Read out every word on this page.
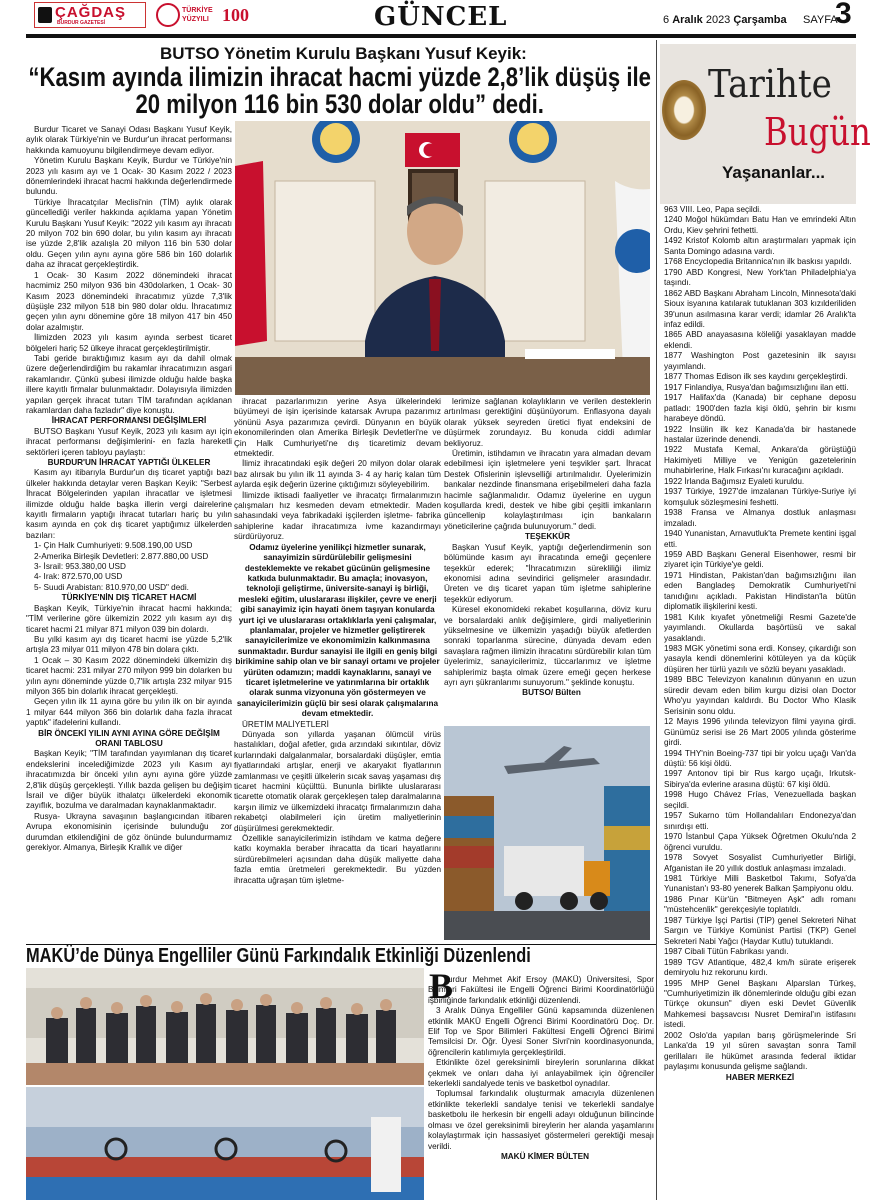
ÇAĞDAŞ
BURDUR GAZETESİ
TÜRKİYE YÜZYILI 100	GÜNCEL	6 Aralık 2023 Çarşamba SAYFA
3
BUTSO Yönetim Kurulu Başkanı Yusuf Keyik:
“Kasım ayında ilimizin ihracat hacmi yüzde 2,8’lik düşüş ile
20 milyon 116 bin 530 dolar oldu” dedi.

Burdur Ticaret ve Sanayi Odası Başkanı Yusuf Keyik, aylık olarak Türkiye'nin ve Burdur'un ihracat performansı hakkında kamuoyunu bilgilendirmeye devam ediyor.

Yönetim Kurulu Başkanı Keyik, Burdur ve Türkiye'nin 2023 yılı kasım ayı ve 1 Ocak- 30 Kasım 2022 / 2023 dönemlerindeki ihracat hacmi hakkında değerlendirmede bulundu.

Türkiye İhracatçılar Meclisi'nin (TİM) aylık olarak güncellediği veriler hakkında açıklama yapan Yönetim Kurulu Başkanı Yusuf Keyik: "2022 yılı kasım ayı ihracatı 20 milyon 702 bin 690 dolar, bu yılın kasım ayı ihracatı ise yüzde 2,8'lik azalışla 20 milyon 116 bin 530 dolar oldu. Geçen yılın aynı ayına göre 586 bin 160 dolarlık daha az ihracat gerçekleştirdik.

1 Ocak- 30 Kasım 2022 dönemindeki ihracat hacmimiz 250 milyon 936 bin 430dolarken, 1 Ocak- 30 Kasım 2023 dönemindeki ihracatımız yüzde 7,3'lik düşüşle 232 milyon 518 bin 980 dolar oldu. İhracatımız geçen yılın aynı dönemine göre 18 milyon 417 bin 450 dolar azalmıştır.

İlimizden 2023 yılı kasım ayında serbest ticaret bölgeleri hariç 52 ülkeye ihracat gerçekleştirilmiştir.

Tabi geride bıraktığımız kasım ayı da dahil olmak üzere değerlendirdiğim bu rakamlar ihracatımızın asgari rakamlarıdır. Çünkü şubesi ilimizde olduğu halde başka illere kayıtlı firmalar bulunmaktadır. Dolayısıyla ilimizden yapılan gerçek ihracat tutarı TİM tarafından açıklanan rakamlardan daha fazladır" diye konuştu.

İHRACAT PERFORMANSI DEĞİŞİMLERİ

BUTSO Başkanı Yusuf Keyik, 2023 yılı kasım ayı için ihracat performansı değişimlerini- en fazla hareketli sektörleri içeren tabloyu paylaştı:

BURDUR'UN İHRACAT YAPTIĞI ÜLKELER

Kasım ayı itibarıyla Burdur'un dış ticaret yaptığı bazı ülkeler hakkında detaylar veren Başkan Keyik: "Serbest İhracat Bölgelerinden yapılan ihracatlar ve işletmesi ilimizde olduğu halde başka illerin vergi dairelerine kayıtlı firmaların yaptığı ihracat tutarları hariç bu yılın kasım ayında en çok dış ticaret yaptığımız ülkelerden bazıları:

1- Çin Halk Cumhuriyeti: 9.508.190,00 USD

2-Amerika Birleşik Devletleri: 2.877.880,00 USD

3- İsrail: 953.380,00 USD

4- Irak: 872.570,00 USD

5- Suudi Arabistan: 810.970,00 USD" dedi.

TÜRKİYE'NİN DIŞ TİCARET HACMİ

Başkan Keyik, Türkiye'nin ihracat hacmi hakkında; "TİM verilerine göre ülkemizin 2022 yılı kasım ayı dış ticaret hacmi 21 milyar 871 milyon 039 bin dolardı.

Bu yılki kasım ayı dış ticaret hacmi ise yüzde 5,2'lik artışla 23 milyar 011 milyon 478 bin dolara çıktı.

1 Ocak – 30 Kasım 2022 dönemindeki ülkemizin dış ticaret hacmi: 231 milyar 270 milyon 999 bin dolarken bu yılın aynı döneminde yüzde 0,7'lik artışla 232 milyar 915 milyon 365 bin dolarlık ihracat gerçekleşti.

Geçen yılın ilk 11 ayına göre bu yılın ilk on bir ayında 1 milyar 644 milyon 366 bin dolarlık daha fazla ihracat yaptık" ifadelerini kullandı.

BİR ÖNCEKİ YILIN AYNI AYINA GÖRE DEĞİŞİM ORANI TABLOSU

Başkan Keyik; "TİM tarafından yayımlanan dış ticaret endekslerini incelediğimizde 2023 yılı Kasım ayı ihracatımızda bir önceki yılın aynı ayına göre yüzde 2,8'lik düşüş gerçekleşti. Yıllık bazda gelişen bu değişim İsrail ve diğer büyük ithalatçı ülkelerdeki ekonomik zayıflık, bozulma ve daralmadan kaynaklanmaktadır.

Rusya- Ukrayna savaşının başlangıcından itibaren Avrupa ekonomisinin içerisinde bulunduğu zor durumdan etkilendiğini de göz önünde bulundurmamız gerekiyor. Almanya, Birleşik Krallık ve diğer

ihracat pazarlarımızın yerine Asya ülkelerindeki büyümeyi de işin içerisinde katarsak Avrupa pazarımız yönünü Asya pazarımıza çevirdi. Dünyanın en büyük ekonomilerinden olan Amerika Birleşik Devletleri'ne ve Çin Halk Cumhuriyeti'ne dış ticaretimiz devam etmektedir.

İlimiz ihracatındaki eşik değeri 20 milyon dolar olarak baz alırsak bu yılın ilk 11 ayında 3- 4 ay hariç kalan tüm aylarda eşik değerin üzerine çıktığımızı söyleyebilirim.

İlimizde iktisadi faaliyetler ve ihracatçı firmalarımızın çalışmaları hız kesmeden devam etmektedir. Maden sahasındaki veya fabrikadaki işçilerden işletme- fabrika sahiplerine kadar ihracatımıza ivme kazandırmayı sürdürüyoruz.

Odamız üyelerine yenilikçi hizmetler sunarak, sanayimizin sürdürülebilir gelişmesini desteklemekte ve rekabet gücünün gelişmesine katkıda bulunmaktadır. Bu amaçla; inovasyon, teknoloji geliştirme, üniversite-sanayi iş birliği, mesleki eğitim, uluslararası ilişkiler, çevre ve enerji gibi sanayimiz için hayati önem taşıyan konularda yurt içi ve uluslararası ortaklıklarla yeni çalışmalar, planlamalar, projeler ve hizmetler geliştirerek sanayicilerimize ve ekonomimizin kalkınmasına sunmaktadır. Burdur sanayisi ile ilgili en geniş bilgi birikimine sahip olan ve bir sanayi ortamı ve projeler yürüten odamızın; maddi kaynaklarını, sanayi ve ticaret işletmelerine ve yatırımlarına bir ortaklık olarak sunma vizyonuna yön göstermeyen ve sanayicilerimizin güçlü bir sesi olarak çalışmalarına devam etmektedir.

ÜRETİM MALİYETLERİ

Dünyada son yıllarda yaşanan ölümcül virüs hastalıkları, doğal afetler, gıda arzındaki sıkıntılar, döviz kurlarındaki dalgalanmalar, borsalardaki düşüşler, emtia fiyatlarındaki artışlar, enerji ve akaryakıt fiyatlarının zamlanması ve çeşitli ülkelerin sıcak savaş yaşaması dış ticaret hacmini küçülttü. Bununla birlikte uluslararası ticarette otomatik olarak gerçekleşen talep daralmalarına karşın ilimiz ve ülkemizdeki ihracatçı firmalarımızın daha rekabetçi olabilmeleri için üretim maliyetlerinin düşürülmesi gerekmektedir.

Özellikle sanayicilerimizin istihdam ve katma değere katkı koymakla beraber ihracatta da ticari hayatlarını sürdürebilmeleri açısından daha düşük maliyette daha fazla emtia üretmeleri gerekmektedir. Bu yüzden ihracatta uğraşan tüm işletme-

lerimize sağlanan kolaylıkların ve verilen desteklerin artırılması gerektiğini düşünüyorum. Enflasyona dayalı olarak yüksek seyreden üretici fiyat endeksini de düşürmek zorundayız. Bu konuda ciddi adımlar bekliyoruz.

Üretimin, istihdamın ve ihracatın yara almadan devam edebilmesi için işletmelere yeni teşvikler şart. İhracat Destek Ofislerinin işlevselliği artırılmalıdır. Üyelerimizin bankalar nezdinde finansmana erişebilmeleri daha fazla hacimle sağlanmalıdır. Odamız üyelerine en uygun koşullarda kredi, destek ve hibe gibi çeşitli imkanların güncellenip kolaylaştırılması için bankaların yöneticilerine çağrıda bulunuyorum." dedi.

TEŞEKKÜR

Başkan Yusuf Keyik, yaptığı değerlendirmenin son bölümünde kasım ayı ihracatında emeği geçenlere teşekkür ederek; "İhracatımızın sürekliliği ilimiz ekonomisi adına sevindirici gelişmeler arasındadır. Üreten ve dış ticaret yapan tüm işletme sahiplerine teşekkür ediyorum.

Küresel ekonomideki rekabet koşullarına, döviz kuru ve borsalardaki anlık değişimlere, girdi maliyetlerinin yükselmesine ve ülkemizin yaşadığı büyük afetlerden sonraki toparlanma sürecine, dünyada devam eden savaşlara rağmen ilimizin ihracatını sürdürebilir kılan tüm üyelerimiz, sanayicilerimiz, tüccarlarımız ve işletme sahiplerimiz başta olmak üzere emeği geçen herkese ayrı ayrı şükranlarımı sunuyorum." şeklinde konuştu.

BUTSO/ Bülten

MAKÜ’de Dünya Engelliler Günü Farkındalık Etkinliği Düzenlendi
B

urdur Mehmet Akif Ersoy (MAKÜ) Üniversitesi, Spor Bilimleri Fakültesi ile Engelli Öğrenci Birimi Koordinatörlüğü işbirliğinde farkındalık etkinliği düzenlendi.

3 Aralık Dünya Engelliler Günü kapsamında düzenlenen etkinlik MAKÜ Engelli Öğrenci Birimi Koordinatörü Doç. Dr. Elif Top ve Spor Bilimleri Fakültesi Engelli Öğrenci Birimi Temsilcisi Dr. Öğr. Üyesi Soner Sivri'nin koordinasyonunda, öğrencilerin katılımıyla gerçekleştirildi.

Etkinlikte özel gereksinimli bireylerin sorunlarına dikkat çekmek ve onları daha iyi anlayabilmek için öğrenciler tekerlekli sandalyede tenis ve basketbol oynadılar.

Toplumsal farkındalık oluşturmak amacıyla düzenlenen etkinlikte tekerlekli sandalye tenisi ve tekerlekli sandalye basketbolu ile herkesin bir engelli adayı olduğunun bilincinde olması ve özel gereksinimli bireylerin her alanda yaşamlarını kolaylaştırmak için hassasiyet göstermeleri gerektiği mesajı verildi.

MAKÜ KİMER BÜLTEN

Tarihte
Bugün
Yaşananlar...

963 VIII. Leo, Papa seçildi.

1240 Moğol hükümdarı Batu Han ve emrindeki Altın Ordu, Kiev şehrini fethetti.

1492 Kristof Kolomb altın araştırmaları yapmak için Santa Domingo adasına vardı.

1768 Encyclopedia Britannica'nın ilk baskısı yapıldı.

1790 ABD Kongresi, New York'tan Philadelphia'ya taşındı.

1862 ABD Başkanı Abraham Lincoln, Minnesota'daki Sioux isyanına katılarak tutuklanan 303 kızılderiliden 39'unun asılmasına karar verdi; idamlar 26 Aralık'ta infaz edildi.

1865 ABD anayasasına köleliği yasaklayan madde eklendi.

1877 Washington Post gazetesinin ilk sayısı yayımlandı.

1877 Thomas Edison ilk ses kaydını gerçekleştirdi.

1917 Finlandiya, Rusya'dan bağımsızlığını ilan etti.

1917 Halifax'da (Kanada) bir cephane deposu patladı: 1900'den fazla kişi öldü, şehrin bir kısmı harabeye döndü.

1922 İnsülin ilk kez Kanada'da bir hastanede hastalar üzerinde denendi.

1922 Mustafa Kemal, Ankara'da görüştüğü Hakimiyeti Milliye ve Yenigün gazetelerinin muhabirlerine, Halk Fırkası'nı kuracağını açıkladı.

1922 İrlanda Bağımsız Eyaleti kuruldu.

1937 Türkiye, 1927'de imzalanan Türkiye-Suriye iyi komşuluk sözleşmesini feshetti.

1938 Fransa ve Almanya dostluk anlaşması imzaladı.

1940 Yunanistan, Arnavutluk'ta Premete kentini işgal etti.

1959 ABD Başkanı General Eisenhower, resmi bir ziyaret için Türkiye'ye geldi.

1971 Hindistan, Pakistan'dan bağımsızlığını ilan eden Bangladeş Demokratik Cumhuriyeti'ni tanıdığını açıkladı. Pakistan Hindistan'la bütün diplomatik ilişkilerini kesti.

1981 Kılık kıyafet yönetmeliği Resmi Gazete'de yayımlandı. Okullarda başörtüsü ve sakal yasaklandı.

1983 MGK yönetimi sona erdi. Konsey, çıkardığı son yasayla kendi dönemlerini kötüleyen ya da küçük düşüren her türlü yazılı ve sözlü beyanı yasakladı.

1989 BBC Televizyon kanalının dünyanın en uzun süredir devam eden bilim kurgu dizisi olan Doctor Who'yu yayından kaldırdı. Bu Doctor Who Klasik Serisinin sonu oldu.

12 Mayıs 1996 yılında televizyon filmi yayına girdi. Günümüz serisi ise 26 Mart 2005 yılında gösterime girdi.

1994 THY'nin Boeing-737 tipi bir yolcu uçağı Van'da düştü: 56 kişi öldü.

1997 Antonov tipi bir Rus kargo uçağı, Irkutsk-Sibirya'da evlerine arasına düştü: 67 kişi öldü.

1998 Hugo Chávez Frías, Venezuellada başkan seçildi.

1957 Sukarno tüm Hollandalıları Endonezya'dan sınırdışı etti.

1970 İstanbul Çapa Yüksek Öğretmen Okulu'nda 2 öğrenci vuruldu.

1978 Sovyet Sosyalist Cumhuriyetler Birliği, Afganistan ile 20 yıllık dostluk anlaşması imzaladı.

1981 Türkiye Milli Basketbol Takımı, Sofya'da Yunanistan'ı 93-80 yenerek Balkan Şampiyonu oldu.

1986 Pınar Kür'ün "Bitmeyen Aşk" adlı romanı "müstehcenlik" gerekçesiyle toplatıldı.

1987 Türkiye İşçi Partisi (TİP) genel Sekreteri Nihat Sargın ve Türkiye Komünist Partisi (TKP) Genel Sekreteri Nabi Yağcı (Haydar Kutlu) tutuklandı.

1987 Cibali Tütün Fabrikası yandı.

1989 TGV Atlantique, 482,4 km/h sürate erişerek demiryolu hız rekorunu kırdı.

1995 MHP Genel Başkanı Alparslan Türkeş, "Cumhuriyetimizin ilk dönemlerinde olduğu gibi ezan Türkçe okunsun" diyen eski Devlet Güvenlik Mahkemesi başsavcısı Nusret Demiral'ın istifasını istedi.

2002 Oslo'da yapılan barış görüşmelerinde Sri Lanka'da 19 yıl süren savaştan sonra Tamil gerillaları ile hükümet arasında federal iktidar paylaşımı konusunda gelişme sağlandı.

HABER MERKEZİ
